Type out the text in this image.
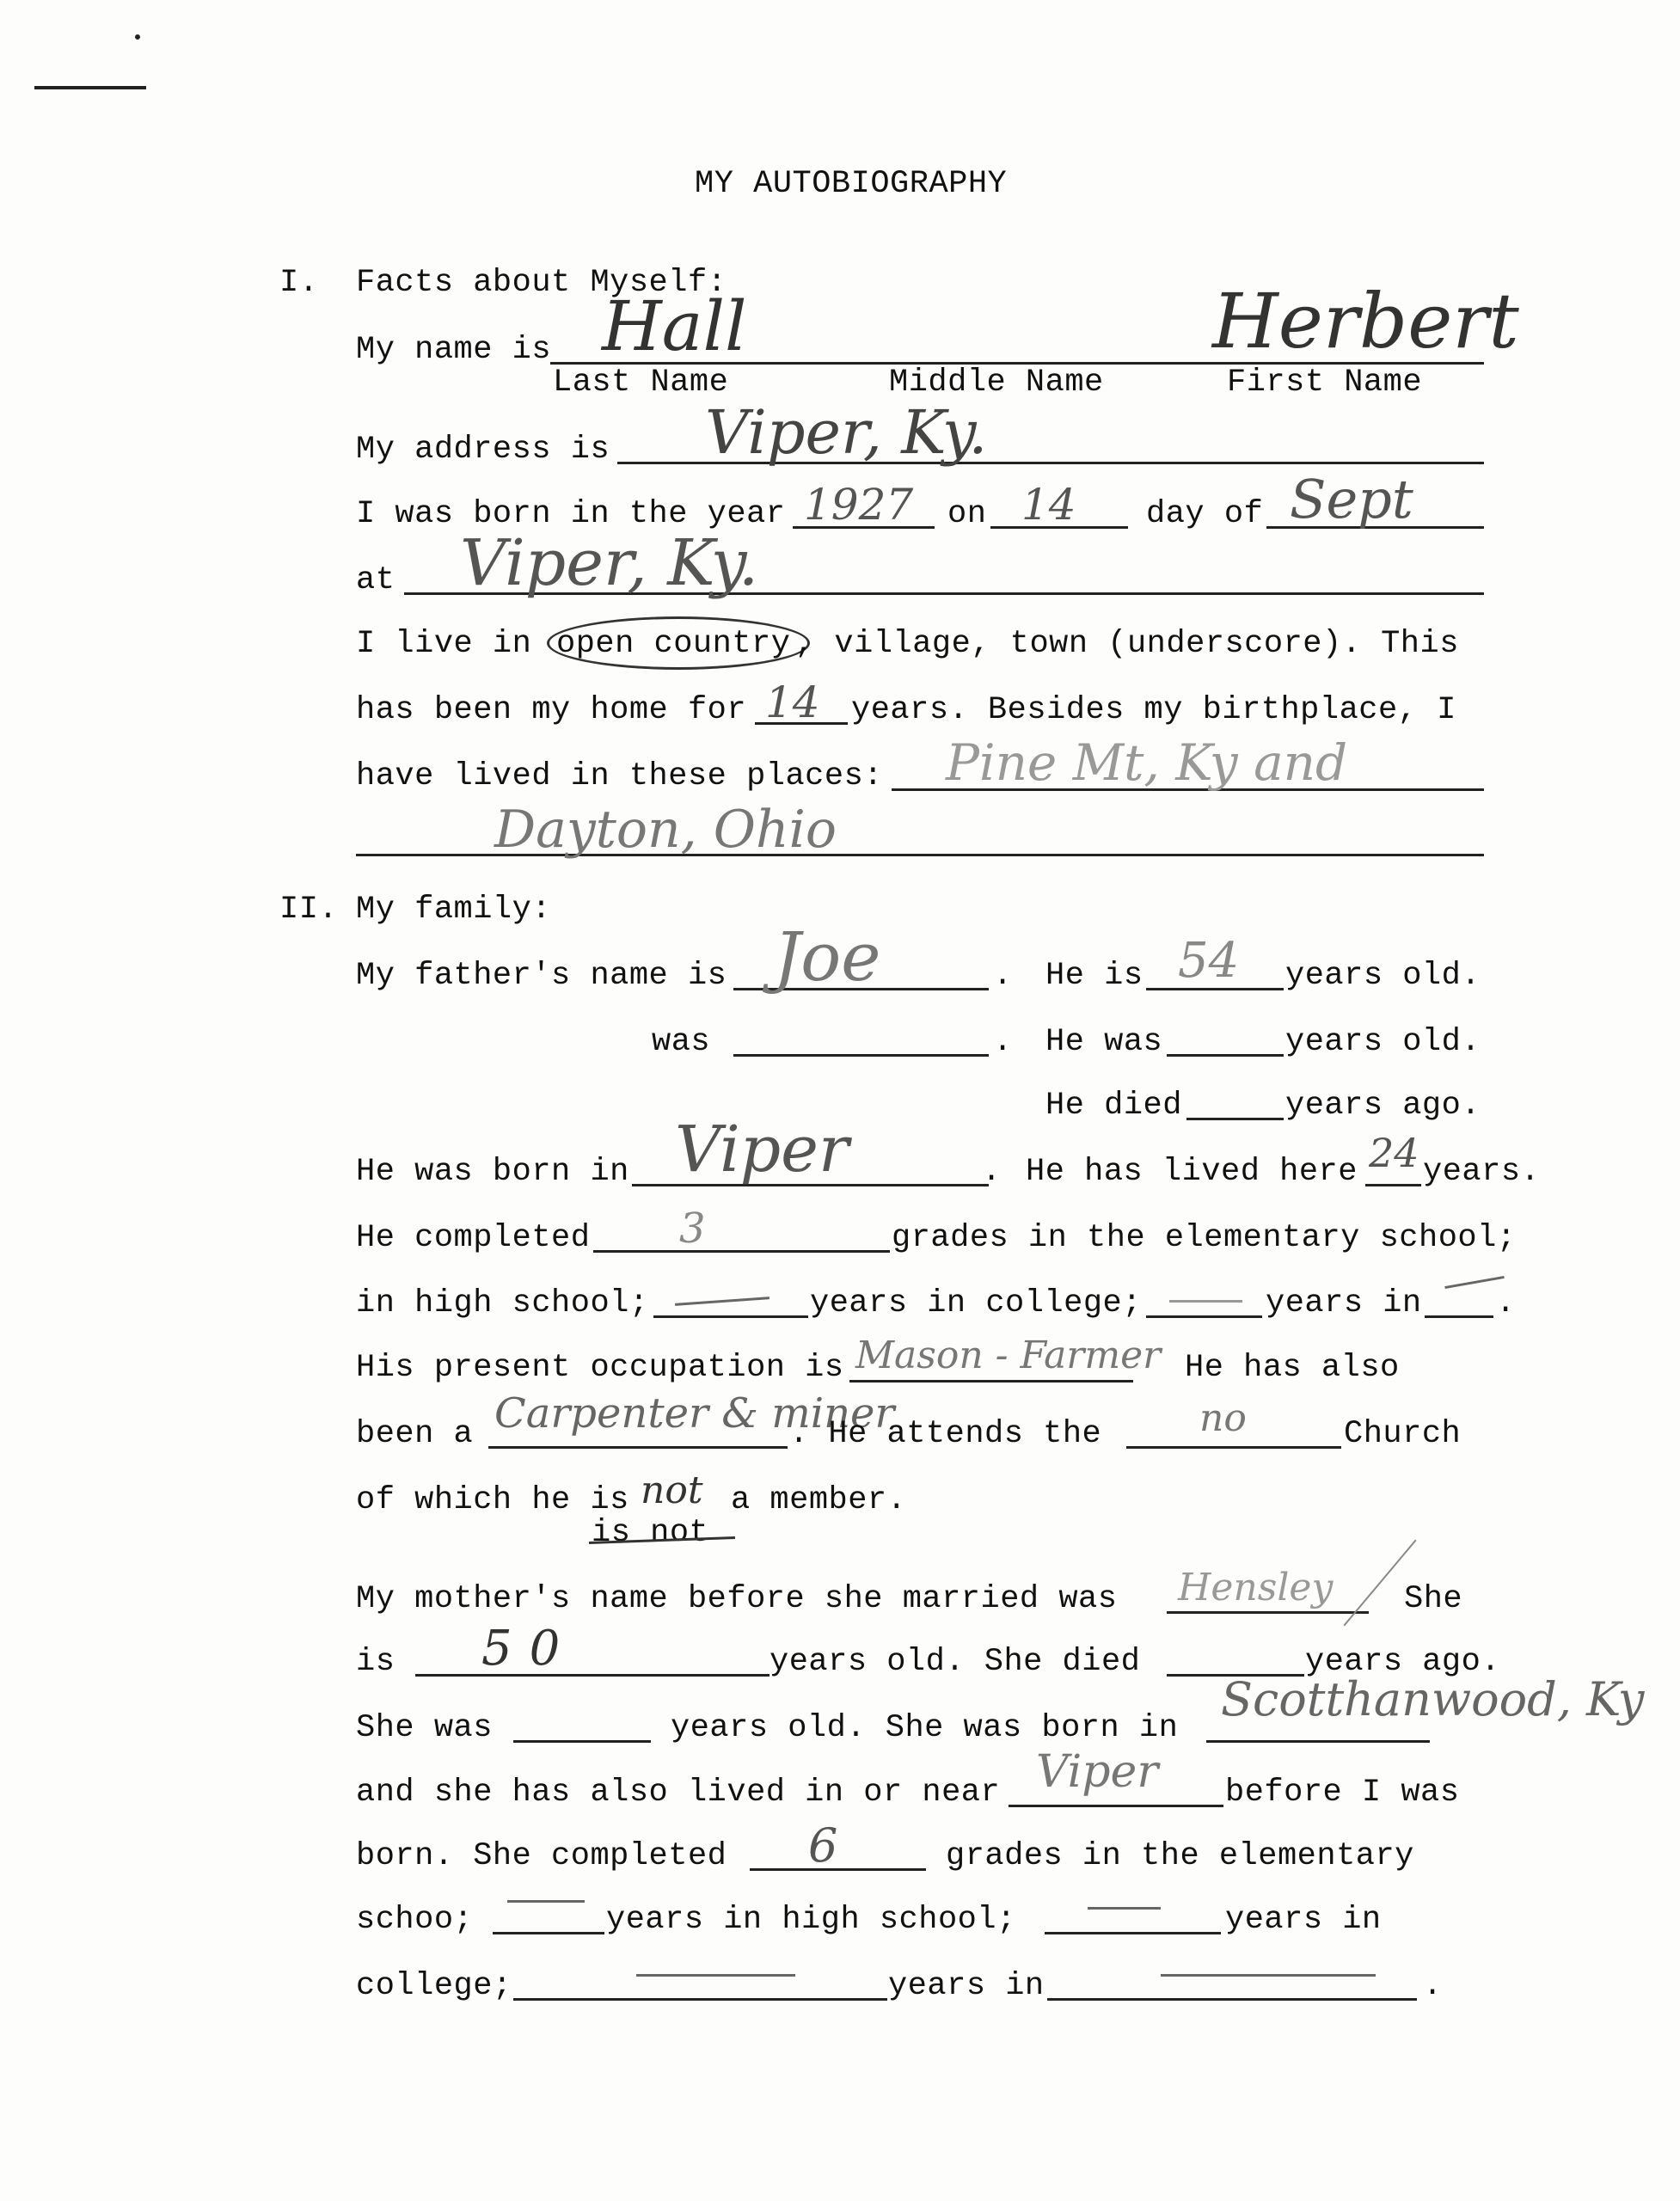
MY AUTOBIOGRAPHY
I. Facts about Myself:
My name is Hall	Herbert
Last Name	Middle Name	First Name
My address is Viper, Ky.
I was born in the year 1927 on 14 day of Sept
at Viper, Ky.
I live in open country , village, town (underscore). This
has been my home for 14 years. Besides my birthplace, I
have lived in these places: Pine Mt, Ky and
Dayton, Ohio
II. My family:
My father's name is Joe	. He is 54 years old.
was	. He was	years old.
He died	years ago.
He was born in Viper	. He has lived here 24 years.
He completed 3	grades in the elementary school;
in high school;	years in college;	years in .
His present occupation is Mason - Farmer He has also
been a Carpenter & miner
. He attends the	no	Church
of which he is not a member.
is not
My mother's name before she married was Hensley She
is 50	years old. She died	years ago.
She was	years old. She was born in
Scotthanwood, Ky
and she has also lived in or near Viper before I was
born. She completed 6	grades in the elementary
schoo;	years in high school;	years in
college;	years in	.
